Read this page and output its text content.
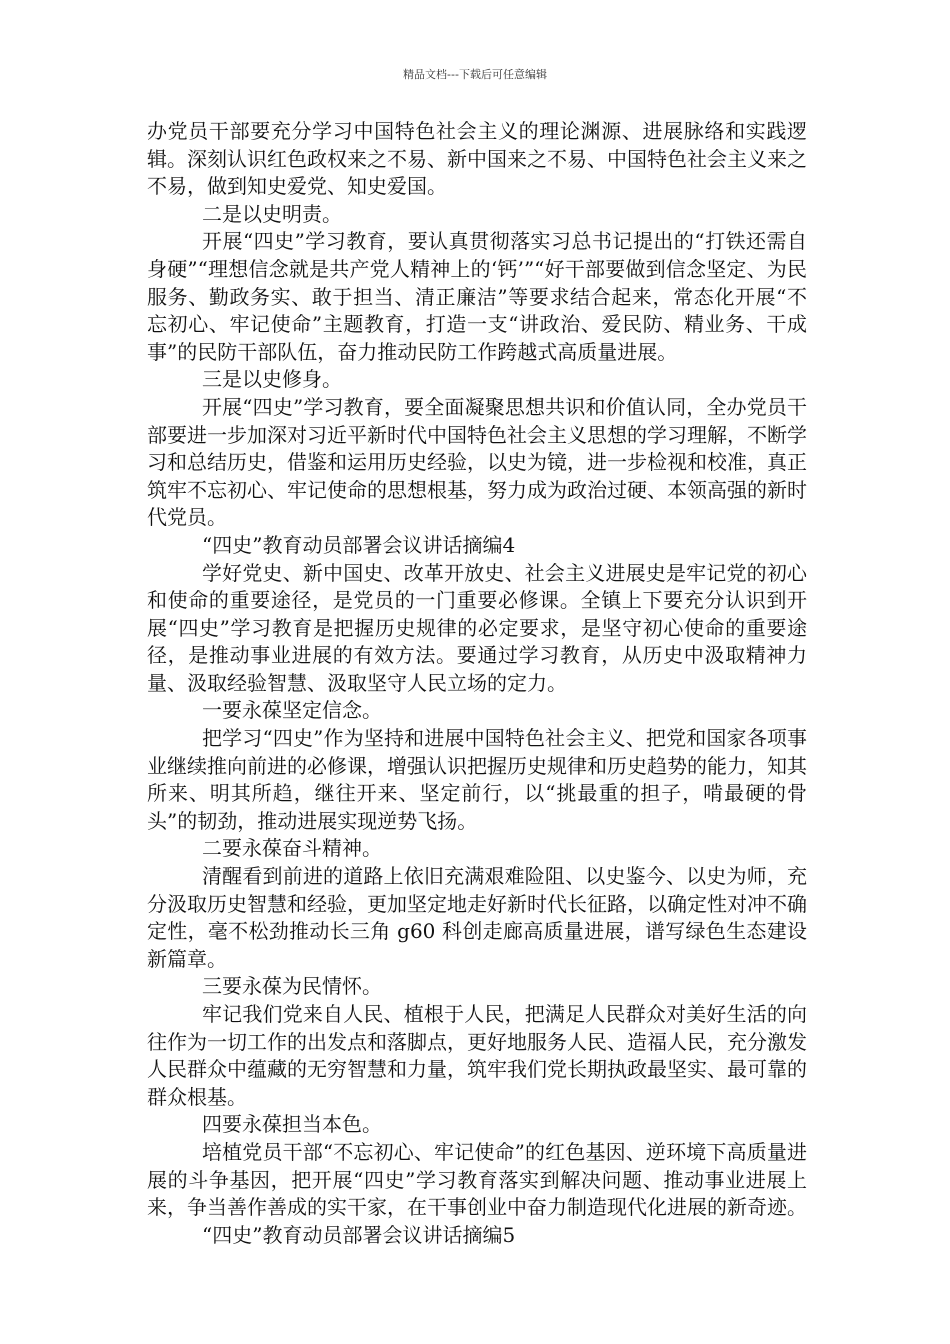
精品文档---下载后可任意编辑

办党员干部要充分学习中国特色社会主义的理论渊源、进展脉络和实践逻辑。深刻认识红色政权来之不易、新中国来之不易、中国特色社会主义来之不易，做到知史爱党、知史爱国。

二是以史明责。

开展“四史”学习教育，要认真贯彻落实习总书记提出的“打铁还需自身硬”“理想信念就是共产党人精神上的‘钙’”“好干部要做到信念坚定、为民服务、勤政务实、敢于担当、清正廉洁”等要求结合起来，常态化开展“不忘初心、牢记使命”主题教育，打造一支“讲政治、爱民防、精业务、干成事”的民防干部队伍，奋力推动民防工作跨越式高质量进展。

三是以史修身。

开展“四史”学习教育，要全面凝聚思想共识和价值认同，全办党员干部要进一步加深对习近平新时代中国特色社会主义思想的学习理解，不断学习和总结历史，借鉴和运用历史经验，以史为镜，进一步检视和校准，真正筑牢不忘初心、牢记使命的思想根基，努力成为政治过硬、本领高强的新时代党员。

“四史”教育动员部署会议讲话摘编4

学好党史、新中国史、改革开放史、社会主义进展史是牢记党的初心和使命的重要途径，是党员的一门重要必修课。全镇上下要充分认识到开展“四史”学习教育是把握历史规律的必定要求，是坚守初心使命的重要途径，是推动事业进展的有效方法。要通过学习教育，从历史中汲取精神力量、汲取经验智慧、汲取坚守人民立场的定力。

一要永葆坚定信念。

把学习“四史”作为坚持和进展中国特色社会主义、把党和国家各项事业继续推向前进的必修课，增强认识把握历史规律和历史趋势的能力，知其所来、明其所趋，继往开来、坚定前行，以“挑最重的担子，啃最硬的骨头”的韧劲，推动进展实现逆势飞扬。

二要永葆奋斗精神。

清醒看到前进的道路上依旧充满艰难险阻、以史鉴今、以史为师，充分汲取历史智慧和经验，更加坚定地走好新时代长征路，以确定性对冲不确定性，毫不松劲推动长三角 g60 科创走廊高质量进展，谱写绿色生态建设新篇章。

三要永葆为民情怀。

牢记我们党来自人民、植根于人民，把满足人民群众对美好生活的向往作为一切工作的出发点和落脚点，更好地服务人民、造福人民，充分激发人民群众中蕴藏的无穷智慧和力量，筑牢我们党长期执政最坚实、最可靠的群众根基。

四要永葆担当本色。

培植党员干部“不忘初心、牢记使命”的红色基因、逆环境下高质量进展的斗争基因，把开展“四史”学习教育落实到解决问题、推动事业进展上来，争当善作善成的实干家，在干事创业中奋力制造现代化进展的新奇迹。

“四史”教育动员部署会议讲话摘编5
